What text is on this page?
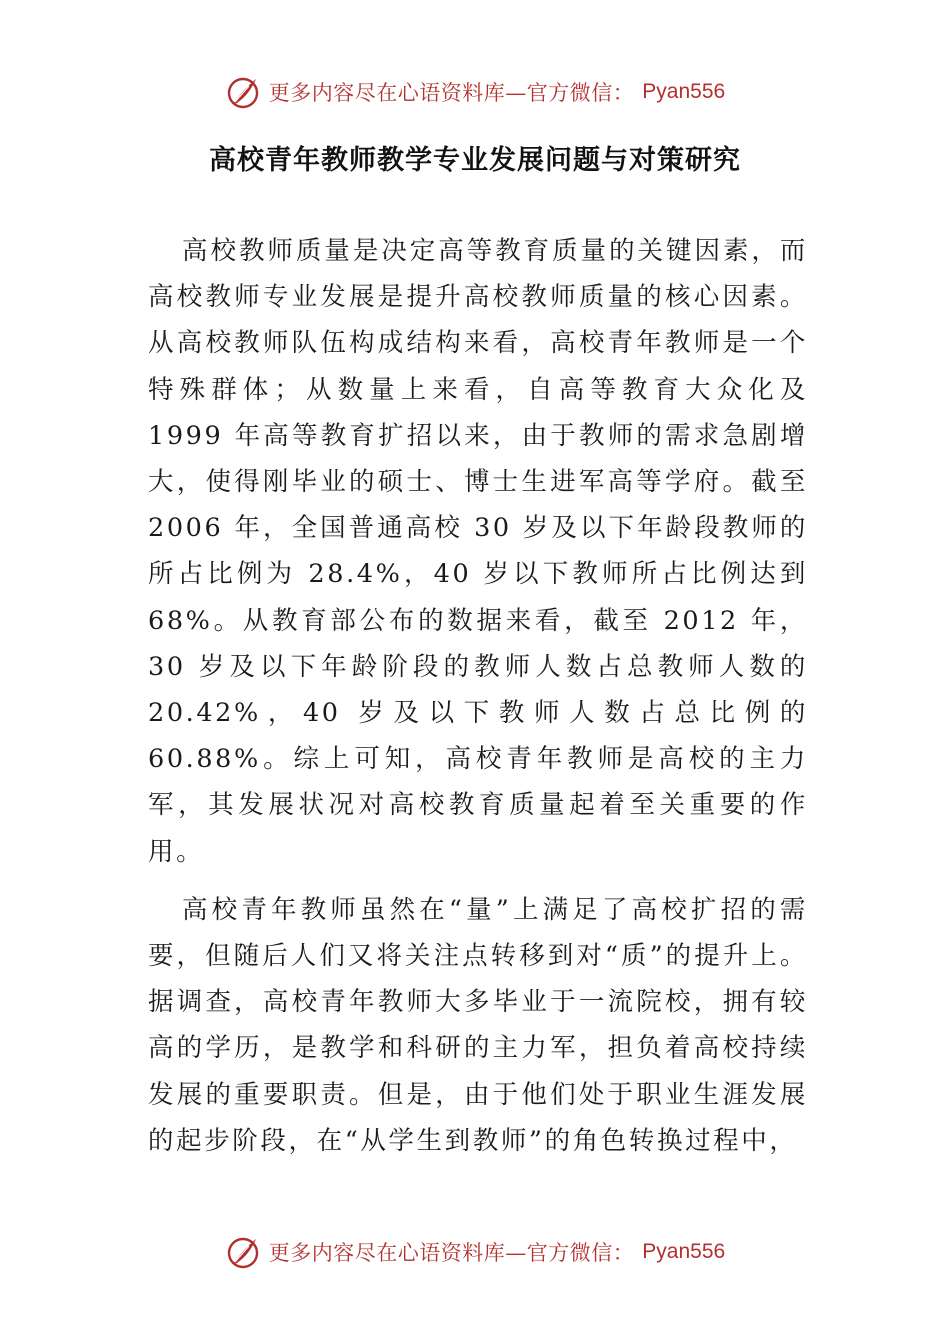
更多内容尽在心语资料库—官方微信： Pyan556
高校青年教师教学专业发展问题与对策研究

高校教师质量是决定高等教育质量的关键因素，而高校教师专业发展是提升高校教师质量的核心因素。从高校教师队伍构成结构来看，高校青年教师是一个特殊群体；从数量上来看，自高等教育大众化及 1999 年高等教育扩招以来，由于教师的需求急剧增大，使得刚毕业的硕士、博士生进军高等学府。截至 2006 年，全国普通高校 30 岁及以下年龄段教师的所占比例为 28.4%，40 岁以下教师所占比例达到 68%。从教育部公布的数据来看，截至 2012 年，30 岁及以下年龄阶段的教师人数占总教师人数的 20.42%，40 岁及以下教师人数占总比例的 60.88%。综上可知，高校青年教师是高校的主力军，其发展状况对高校教育质量起着至关重要的作用。

高校青年教师虽然在“量”上满足了高校扩招的需要，但随后人们又将关注点转移到对“质”的提升上。据调查，高校青年教师大多毕业于一流院校，拥有较高的学历，是教学和科研的主力军，担负着高校持续发展的重要职责。但是，由于他们处于职业生涯发展的起步阶段，在“从学生到教师”的角色转换过程中，

更多内容尽在心语资料库—官方微信： Pyan556
